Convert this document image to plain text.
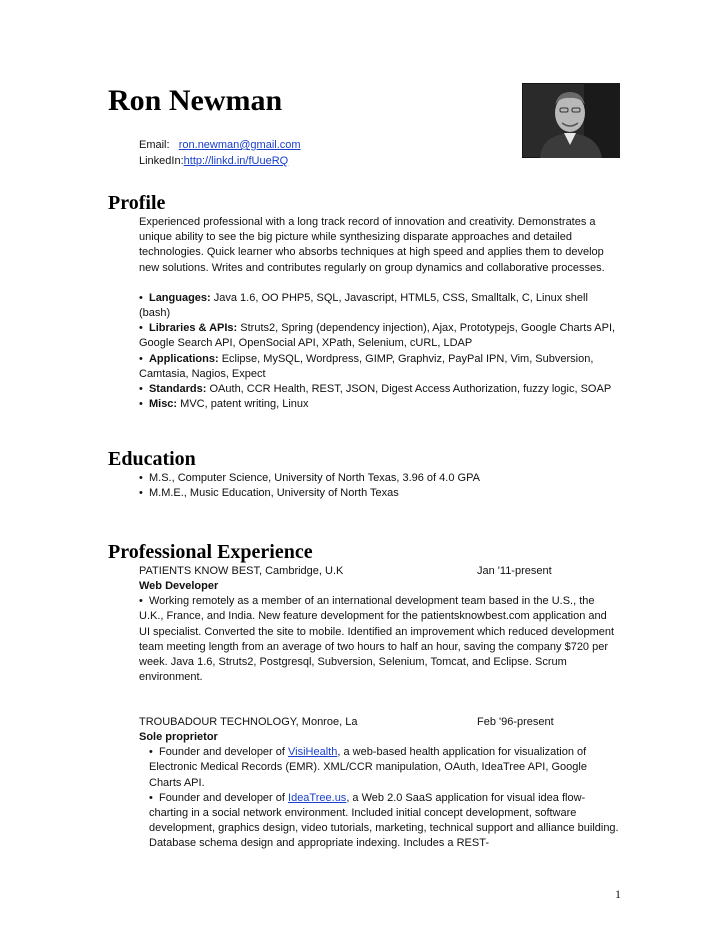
Ron Newman
Email: ron.newman@gmail.com
LinkedIn:http://linkd.in/fUueRQ
Profile

Experienced professional with a long track record of innovation and creativity. Demonstrates a unique ability to see the big picture while synthesizing disparate approaches and detailed technologies. Quick learner who absorbs techniques at high speed and applies them to develop new solutions. Writes and contributes regularly on group dynamics and collaborative processes.

•  Languages: Java 1.6, OO PHP5, SQL, Javascript, HTML5, CSS, Smalltalk, C, Linux shell (bash)
•  Libraries & APIs: Struts2, Spring (dependency injection), Ajax, Prototypejs, Google Charts API, Google Search API, OpenSocial API, XPath, Selenium, cURL, LDAP
•  Applications: Eclipse, MySQL, Wordpress, GIMP, Graphviz, PayPal IPN, Vim, Subversion, Camtasia, Nagios, Expect
•  Standards: OAuth, CCR Health, REST, JSON, Digest Access Authorization, fuzzy logic, SOAP
•  Misc: MVC, patent writing, Linux
Education
•  M.S., Computer Science, University of North Texas, 3.96 of 4.0 GPA
•  M.M.E., Music Education, University of North Texas
Professional Experience
PATIENTS KNOW BEST, Cambridge, U.K	Jan '11-present
Web Developer
•  Working remotely as a member of an international development team based in the U.S., the U.K., France, and India. New feature development for the patientsknowbest.com application and UI specialist. Converted the site to mobile. Identified an improvement which reduced development team meeting length from an average of two hours to half an hour, saving the company $720 per week. Java 1.6, Struts2, Postgresql, Subversion, Selenium, Tomcat, and Eclipse. Scrum environment.
TROUBADOUR TECHNOLOGY, Monroe, La	Feb '96-present
Sole proprietor
•  Founder and developer of VisiHealth, a web-based health application for visualization of Electronic Medical Records (EMR). XML/CCR manipulation, OAuth, IdeaTree API, Google Charts API.
•  Founder and developer of IdeaTree.us, a Web 2.0 SaaS application for visual idea flow-charting in a social network environment. Included initial concept development, software development, graphics design, video tutorials, marketing, technical support and alliance building. Database schema design and appropriate indexing. Includes a REST-
1
